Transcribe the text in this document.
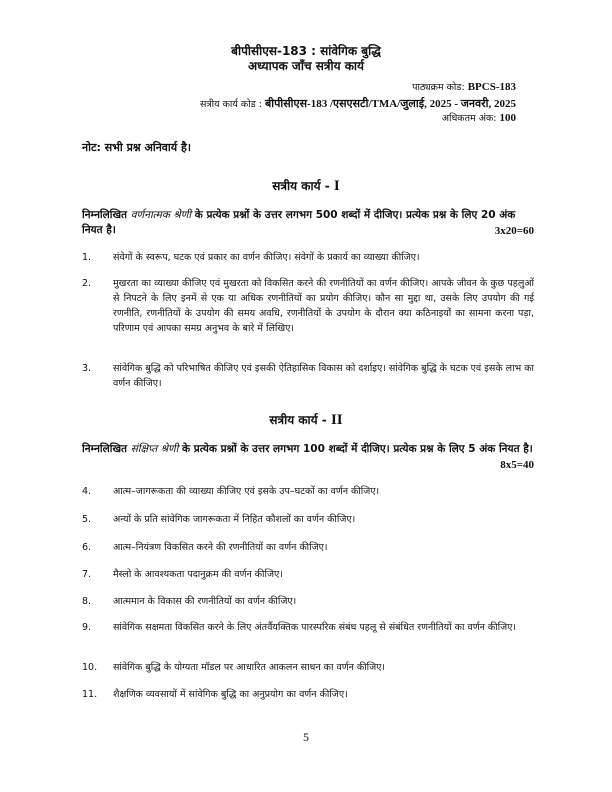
बीपीसीएस-183 : सांवेगिक बुद्धि
अध्यापक जाँच सत्रीय कार्य
पाठ्यक्रम कोड: BPCS-183
सत्रीय कार्य कोड : बीपीसीएस-183 /एसएसटी/TMA/जुलाई, 2025 - जनवरी, 2025
अधिकतम अंक: 100
नोट: सभी प्रश्न अनिवार्य है।
सत्रीय कार्य - I
निम्नलिखित वर्णनात्मक श्रेणी के प्रत्येक प्रश्नों के उत्तर लगभग 500 शब्दों में दीजिए। प्रत्येक प्रश्न के लिए 20 अंक नियत है।	3x20=60
1.	संवेगों के स्वरूप, घटक एवं प्रकार का वर्णन कीजिए। संवेगों के प्रकार्य का व्याख्या कीजिए।
2.	मुखरता का व्याख्या कीजिए एवं मुखरता को विकसित करने की रणनीतियों का वर्णन कीजिए। आपके जीवन के कुछ पहलुओं से निपटने के लिए इनमें से एक या अधिक रणनीतियों का प्रयोग कीजिए। कौन सा मुद्दा था, उसके लिए उपयोग की गई रणनीति, रणनीतियों के उपयोग की समय अवधि, रणनीतियों के उपयोग के दौरान क्या कठिनाइयों का सामना करना पड़ा, परिणाम एवं आपका समग्र अनुभव के बारे में लिखिए।
3.	सांवेगिक बुद्धि को परिभाषित कीजिए एवं इसकी ऐतिहासिक विकास को दर्शाइए। सांवेगिक बुद्धि के घटक एवं इसके लाभ का वर्णन कीजिए।
सत्रीय कार्य - II
निम्नलिखित संक्षिप्त श्रेणी के प्रत्येक प्रश्नों के उत्तर लगभग 100 शब्दों में दीजिए। प्रत्येक प्रश्न के लिए 5 अंक नियत है।
8x5=40
4.	आत्म–जागरूकता की व्याख्या कीजिए एवं इसके उप–घटकों का वर्णन कीजिए।
5.	अन्यों के प्रति सांवेगिक जागरूकता में निहित कौशलों का वर्णन कीजिए।
6.	आत्म–नियंत्रण विकसित करने की रणनीतियों का वर्णन कीजिए।
7.	मैस्लो के आवश्यकता पदानुक्रम की वर्णन कीजिए।
8.	आत्ममान के विकास की रणनीतियों का वर्णन कीजिए।
9.	सांवेगिक सक्षमता विकसित करने के लिए अंतर्वैयक्तिक पारस्परिक संबंध पहलू से संबंधित रणनीतियों का वर्णन कीजिए।
10.	सांवेगिक बुद्धि के योग्यता मॉडल पर आधारित आकलन साधन का वर्णन कीजिए।
11.	शैक्षणिक व्यवसायों में सांवेगिक बुद्धि का अनुप्रयोग का वर्णन कीजिए।
5
